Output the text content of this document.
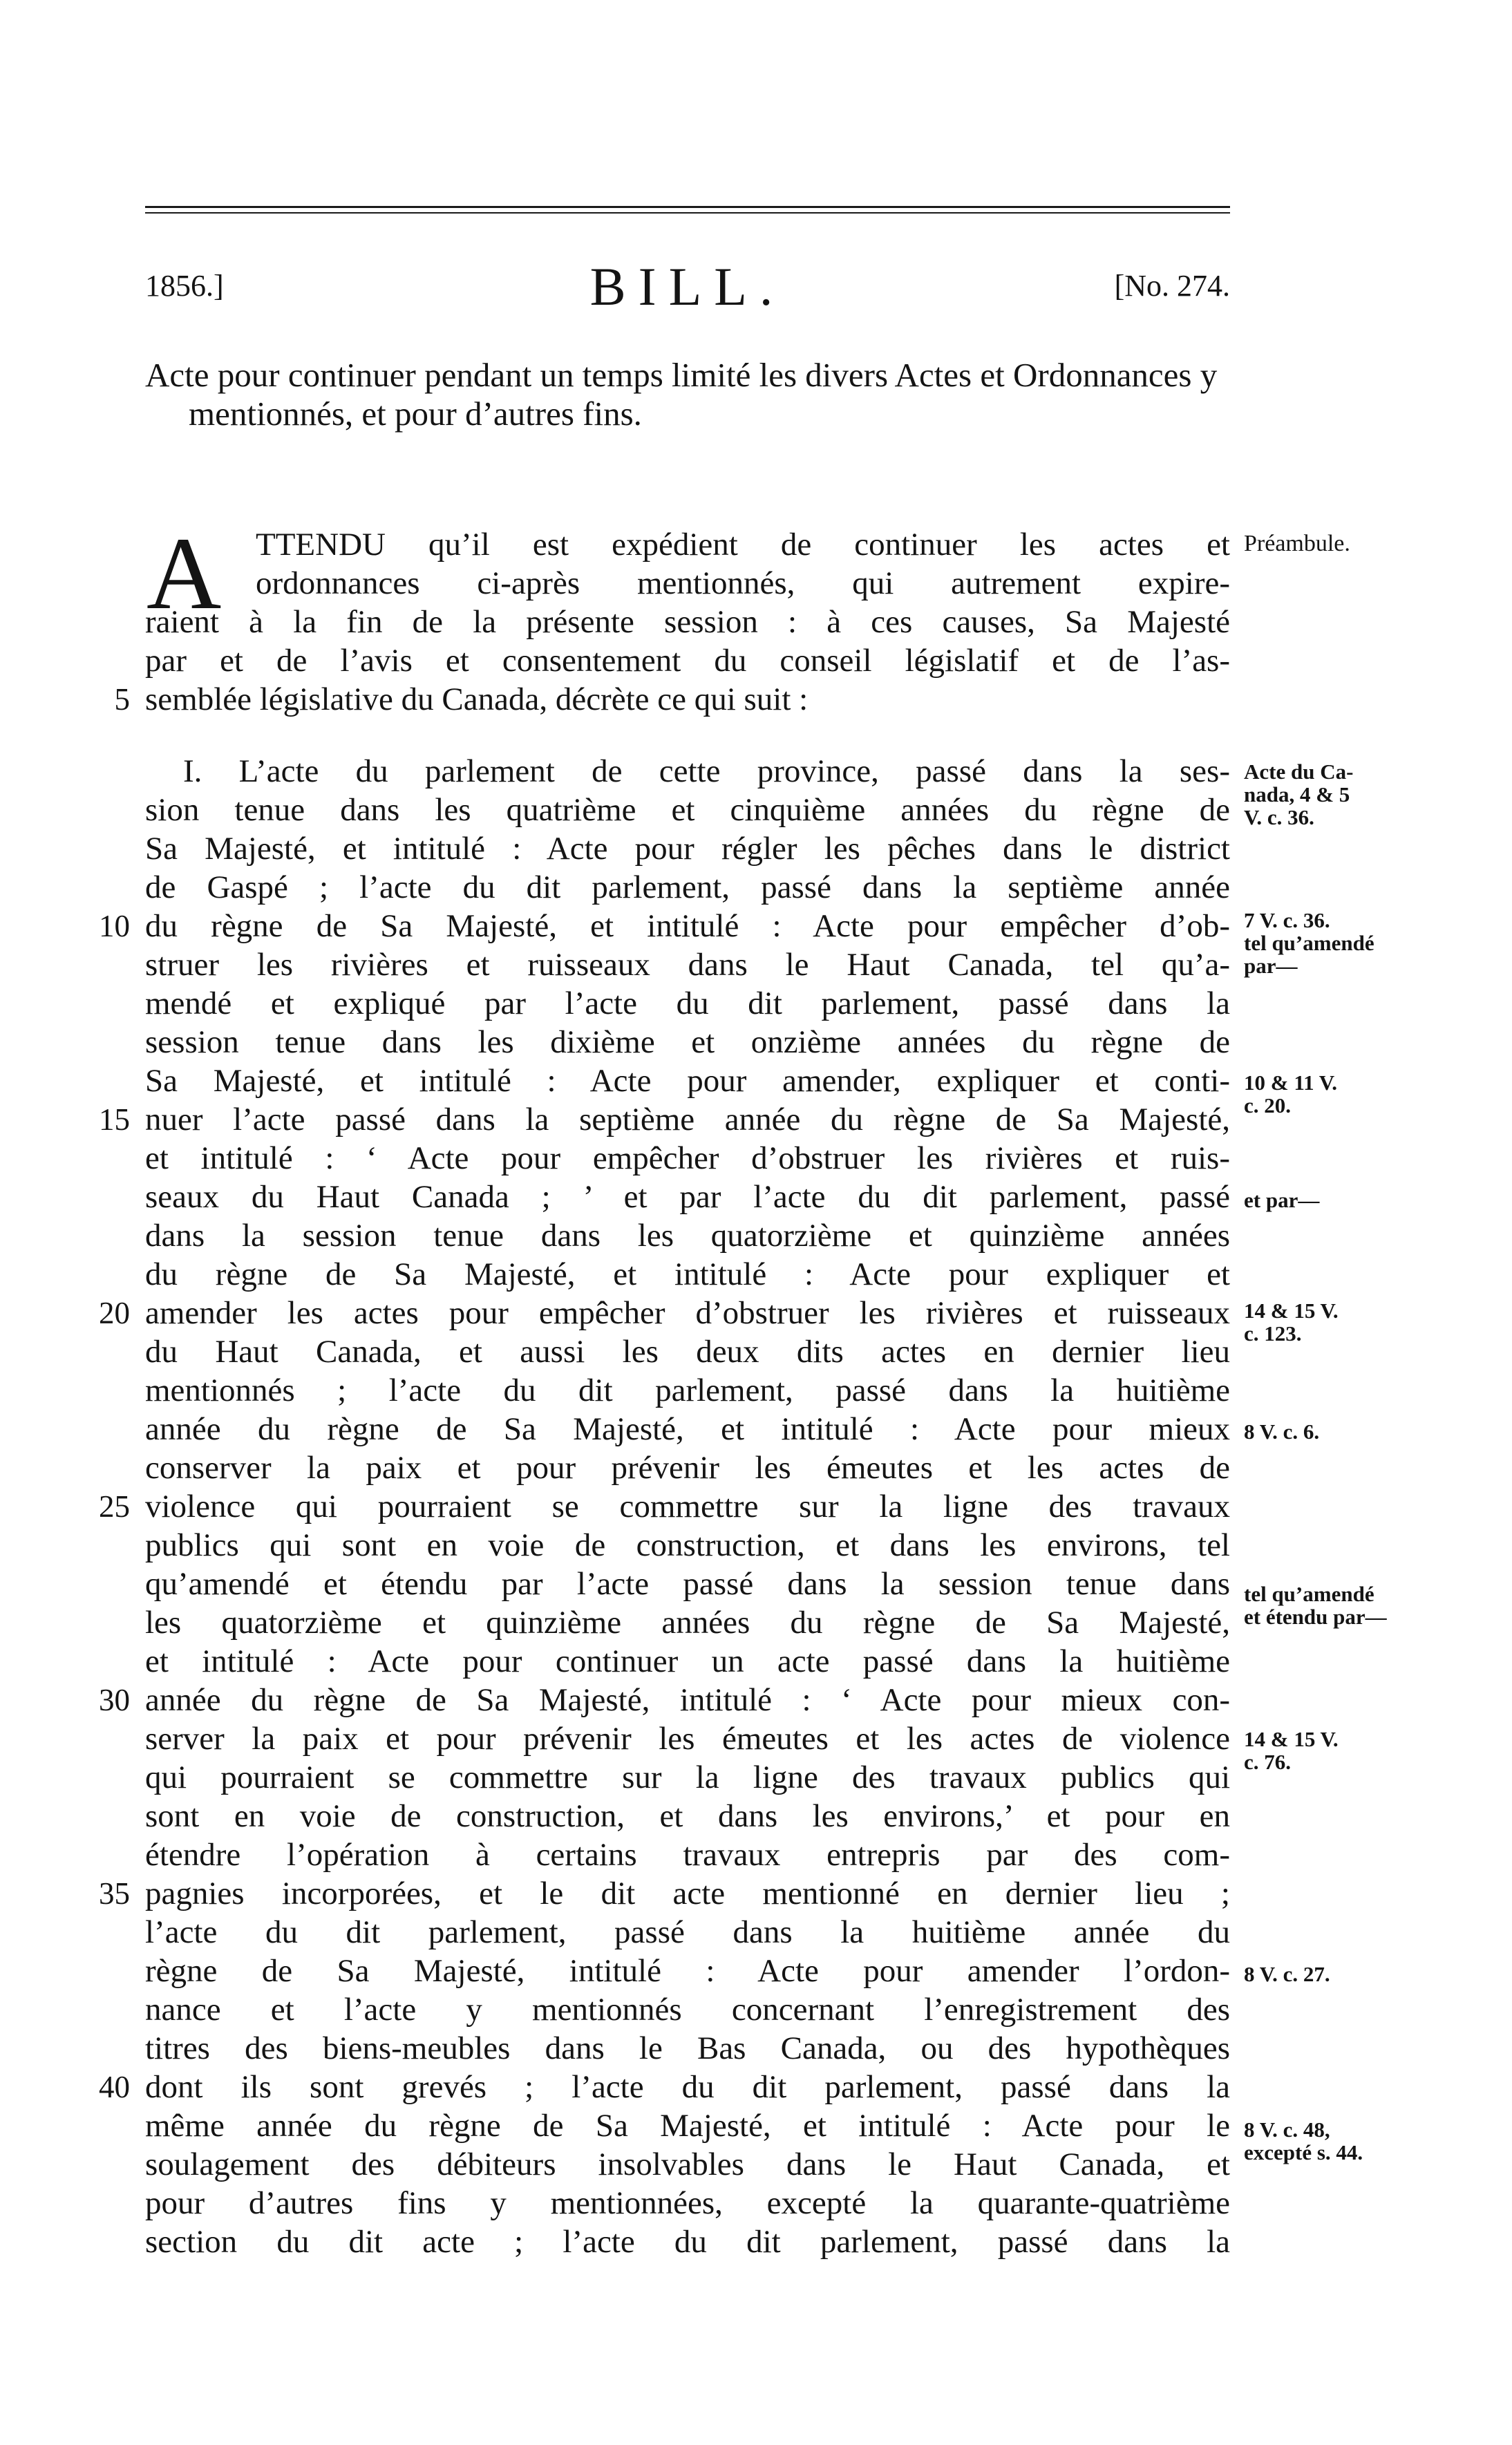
1856.]	BILL.	[No. 274.

Acte pour continuer pendant un temps limité les divers Actes et Ordonnances y mentionnés, et pour d’autres fins.

A TTENDU qu’il est expédient de continuer les actes et
ordonnances ci-après mentionnés, qui autrement expire-
raient à la fin de la présente session : à ces causes, Sa Majesté
par et de l’avis et consentement du conseil législatif et de l’as-
semblée législative du Canada, décrète ce qui suit :
5
Préambule.
I. L’acte du parlement de cette province, passé dans la ses-
sion tenue dans les quatrième et cinquième années du règne de
Sa Majesté, et intitulé : Acte pour régler les pêches dans le district
de Gaspé ; l’acte du dit parlement, passé dans la septième année
du règne de Sa Majesté, et intitulé : Acte pour empêcher d’ob-
10
struer les rivières et ruisseaux dans le Haut Canada, tel qu’a-
mendé et expliqué par l’acte du dit parlement, passé dans la
session tenue dans les dixième et onzième années du règne de
Sa Majesté, et intitulé : Acte pour amender, expliquer et conti-
nuer l’acte passé dans la septième année du règne de Sa Majesté,
15
et intitulé : ‘ Acte pour empêcher d’obstruer les rivières et ruis-
seaux du Haut Canada ; ’ et par l’acte du dit parlement, passé
dans la session tenue dans les quatorzième et quinzième années
du règne de Sa Majesté, et intitulé : Acte pour expliquer et
amender les actes pour empêcher d’obstruer les rivières et ruisseaux
20
du Haut Canada, et aussi les deux dits actes en dernier lieu
mentionnés ; l’acte du dit parlement, passé dans la huitième
année du règne de Sa Majesté, et intitulé : Acte pour mieux
conserver la paix et pour prévenir les émeutes et les actes de
violence qui pourraient se commettre sur la ligne des travaux
25
publics qui sont en voie de construction, et dans les environs, tel
qu’amendé et étendu par l’acte passé dans la session tenue dans
les quatorzième et quinzième années du règne de Sa Majesté,
et intitulé : Acte pour continuer un acte passé dans la huitième
année du règne de Sa Majesté, intitulé : ‘ Acte pour mieux con-
30
server la paix et pour prévenir les émeutes et les actes de violence
qui pourraient se commettre sur la ligne des travaux publics qui
sont en voie de construction, et dans les environs,’ et pour en
étendre l’opération à certains travaux entrepris par des com-
pagnies incorporées, et le dit acte mentionné en dernier lieu ;
35
l’acte du dit parlement, passé dans la huitième année du
règne de Sa Majesté, intitulé : Acte pour amender l’ordon-
nance et l’acte y mentionnés concernant l’enregistrement des
titres des biens-meubles dans le Bas Canada, ou des hypothèques
dont ils sont grevés ; l’acte du dit parlement, passé dans la
40
même année du règne de Sa Majesté, et intitulé : Acte pour le
soulagement des débiteurs insolvables dans le Haut Canada, et
pour d’autres fins y mentionnées, excepté la quarante-quatrième
section du dit acte ; l’acte du dit parlement, passé dans la
Acte du Ca-
nada, 4 & 5
V. c. 36.
7 V. c. 36.
tel qu’amendé
par—
10 & 11 V.
c. 20.
et par—
14 & 15 V.
c. 123.
8 V. c. 6.
tel qu’amendé
et étendu par—
14 & 15 V.
c. 76.
8 V. c. 27.
8 V. c. 48,
excepté s. 44.
